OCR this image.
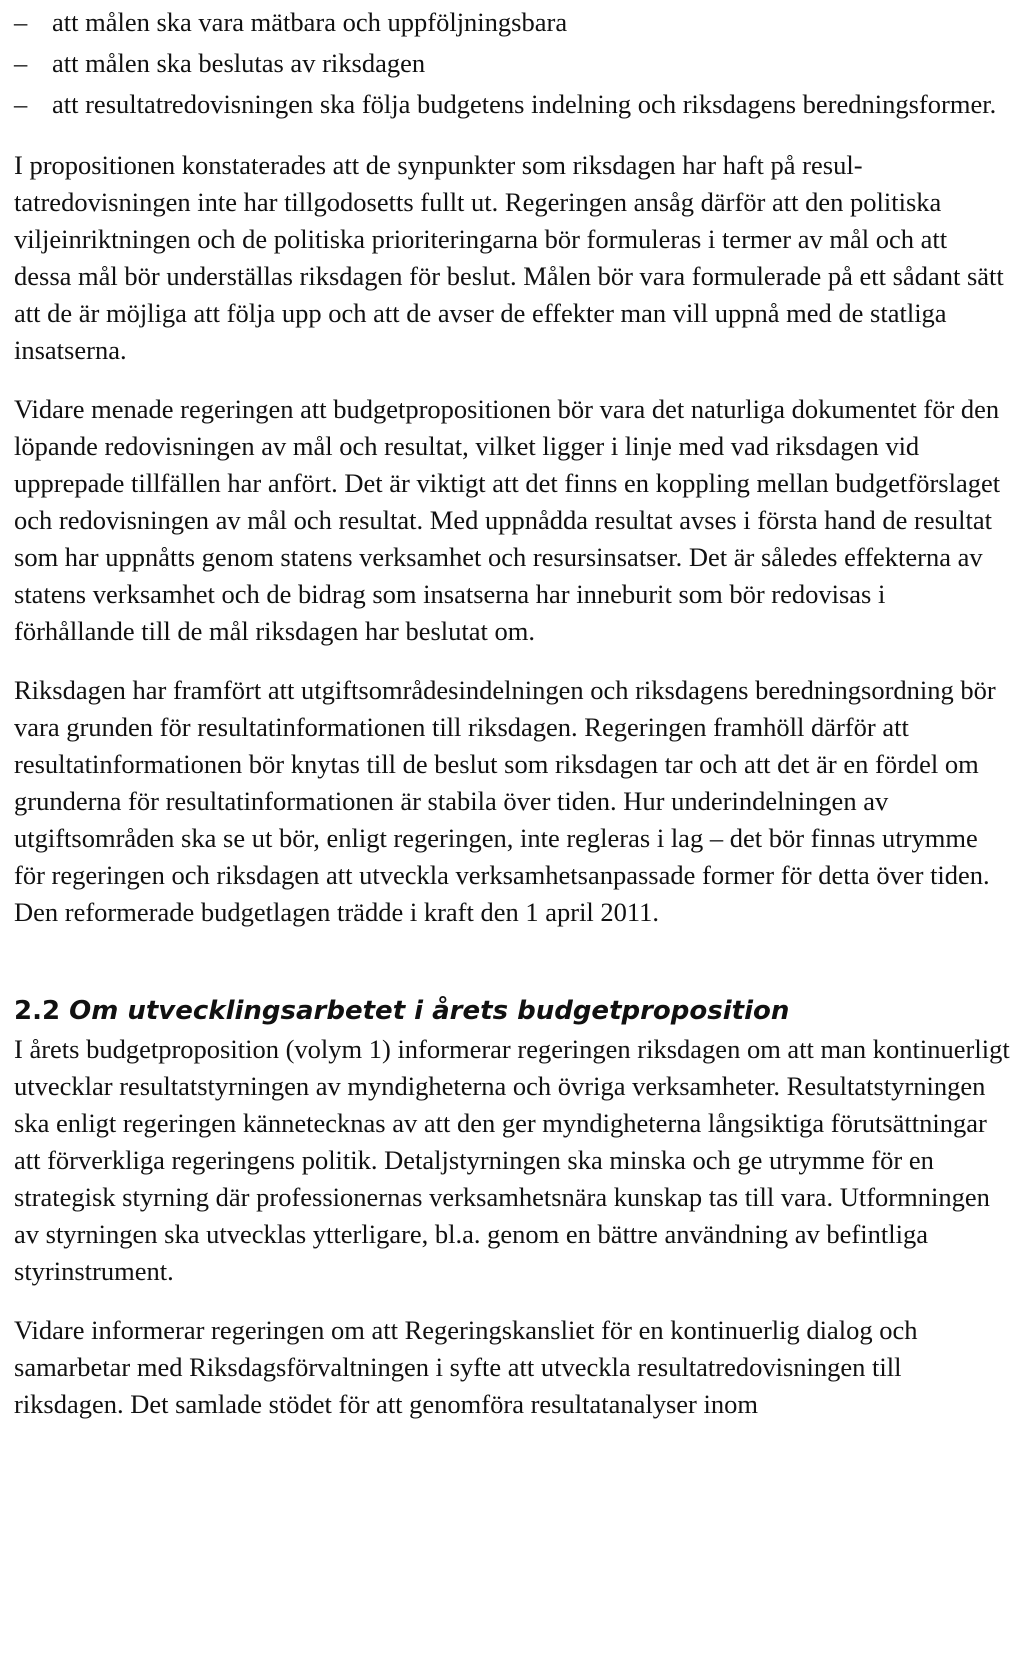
– att målen ska vara mätbara och uppföljningsbara
– att målen ska beslutas av riksdagen
– att resultatredovisningen ska följa budgetens indelning och riksdagens beredningsformer.

I propositionen konstaterades att de synpunkter som riksdagen har haft på resultatredovisningen inte har tillgodosetts fullt ut. Regeringen ansåg därför att den politiska viljeinriktningen och de politiska prioriteringarna bör formuleras i termer av mål och att dessa mål bör underställas riksdagen för beslut. Målen bör vara formulerade på ett sådant sätt att de är möjliga att följa upp och att de avser de effekter man vill uppnå med de statliga insatserna.

Vidare menade regeringen att budgetpropositionen bör vara det naturliga dokumentet för den löpande redovisningen av mål och resultat, vilket ligger i linje med vad riksdagen vid upprepade tillfällen har anfört. Det är viktigt att det finns en koppling mellan budgetförslaget och redovisningen av mål och resultat. Med uppnådda resultat avses i första hand de resultat som har uppnåtts genom statens verksamhet och resursinsatser. Det är således effekterna av statens verksamhet och de bidrag som insatserna har inneburit som bör redovisas i förhållande till de mål riksdagen har beslutat om.

Riksdagen har framfört att utgiftsområdesindelningen och riksdagens beredningsordning bör vara grunden för resultatinformationen till riksdagen. Regeringen framhöll därför att resultatinformationen bör knytas till de beslut som riksdagen tar och att det är en fördel om grunderna för resultatinformationen är stabila över tiden. Hur underindelningen av utgiftsområden ska se ut bör, enligt regeringen, inte regleras i lag – det bör finnas utrymme för regeringen och riksdagen att utveckla verksamhetsanpassade former för detta över tiden. Den reformerade budgetlagen trädde i kraft den 1 april 2011.

2.2 Om utvecklingsarbetet i årets budgetproposition

I årets budgetproposition (volym 1) informerar regeringen riksdagen om att man kontinuerligt utvecklar resultatstyrningen av myndigheterna och övriga verksamheter. Resultatstyrningen ska enligt regeringen kännetecknas av att den ger myndigheterna långsiktiga förutsättningar att förverkliga regeringens politik. Detaljstyrningen ska minska och ge utrymme för en strategisk styrning där professionernas verksamhetsnära kunskap tas till vara. Utformningen av styrningen ska utvecklas ytterligare, bl.a. genom en bättre användning av befintliga styrinstrument.

Vidare informerar regeringen om att Regeringskansliet för en kontinuerlig dialog och samarbetar med Riksdagsförvaltningen i syfte att utveckla resultatredovisningen till riksdagen. Det samlade stödet för att genomföra resultatanalyser inom
